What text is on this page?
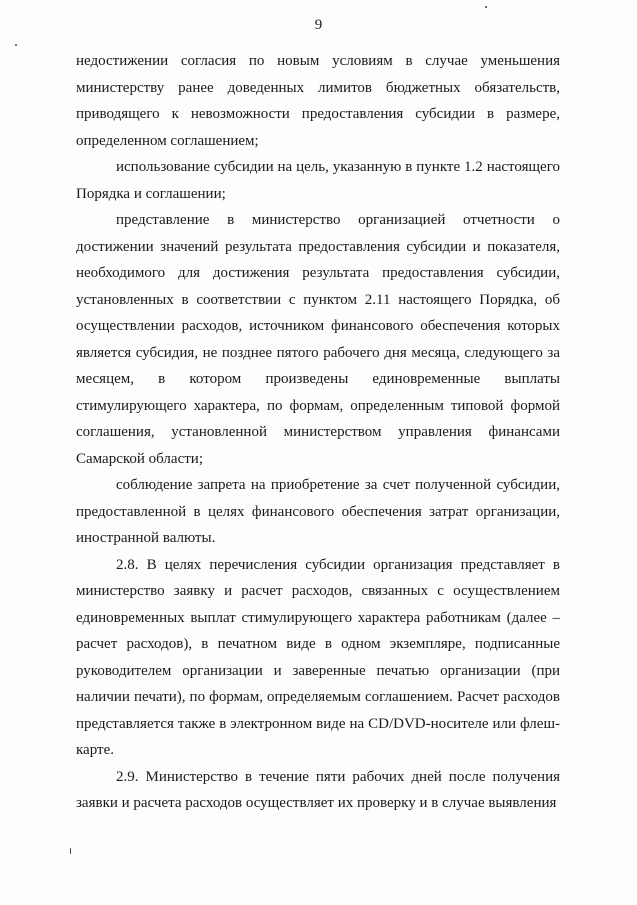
9

недостижении согласия по новым условиям в случае уменьшения министерству ранее доведенных лимитов бюджетных обязательств, приводящего к невозможности предоставления субсидии в размере, определенном соглашением;

использование субсидии на цель, указанную в пункте 1.2 настоящего Порядка и соглашении;

представление в министерство организацией отчетности о достижении значений результата предоставления субсидии и показателя, необходимого для достижения результата предоставления субсидии, установленных в соответствии с пунктом 2.11 настоящего Порядка, об осуществлении расходов, источником финансового обеспечения которых является субсидия, не позднее пятого рабочего дня месяца, следующего за месяцем, в котором произведены единовременные выплаты стимулирующего характера, по формам, определенным типовой формой соглашения, установленной министерством управления финансами Самарской области;

соблюдение запрета на приобретение за счет полученной субсидии, предоставленной в целях финансового обеспечения затрат организации, иностранной валюты.

2.8. В целях перечисления субсидии организация представляет в министерство заявку и расчет расходов, связанных с осуществлением единовременных выплат стимулирующего характера работникам (далее – расчет расходов), в печатном виде в одном экземпляре, подписанные руководителем организации и заверенные печатью организации (при наличии печати), по формам, определяемым соглашением. Расчет расходов представляется также в электронном виде на CD/DVD-носителе или флеш-карте.

2.9. Министерство в течение пяти рабочих дней после получения заявки и расчета расходов осуществляет их проверку и в случае выявления
